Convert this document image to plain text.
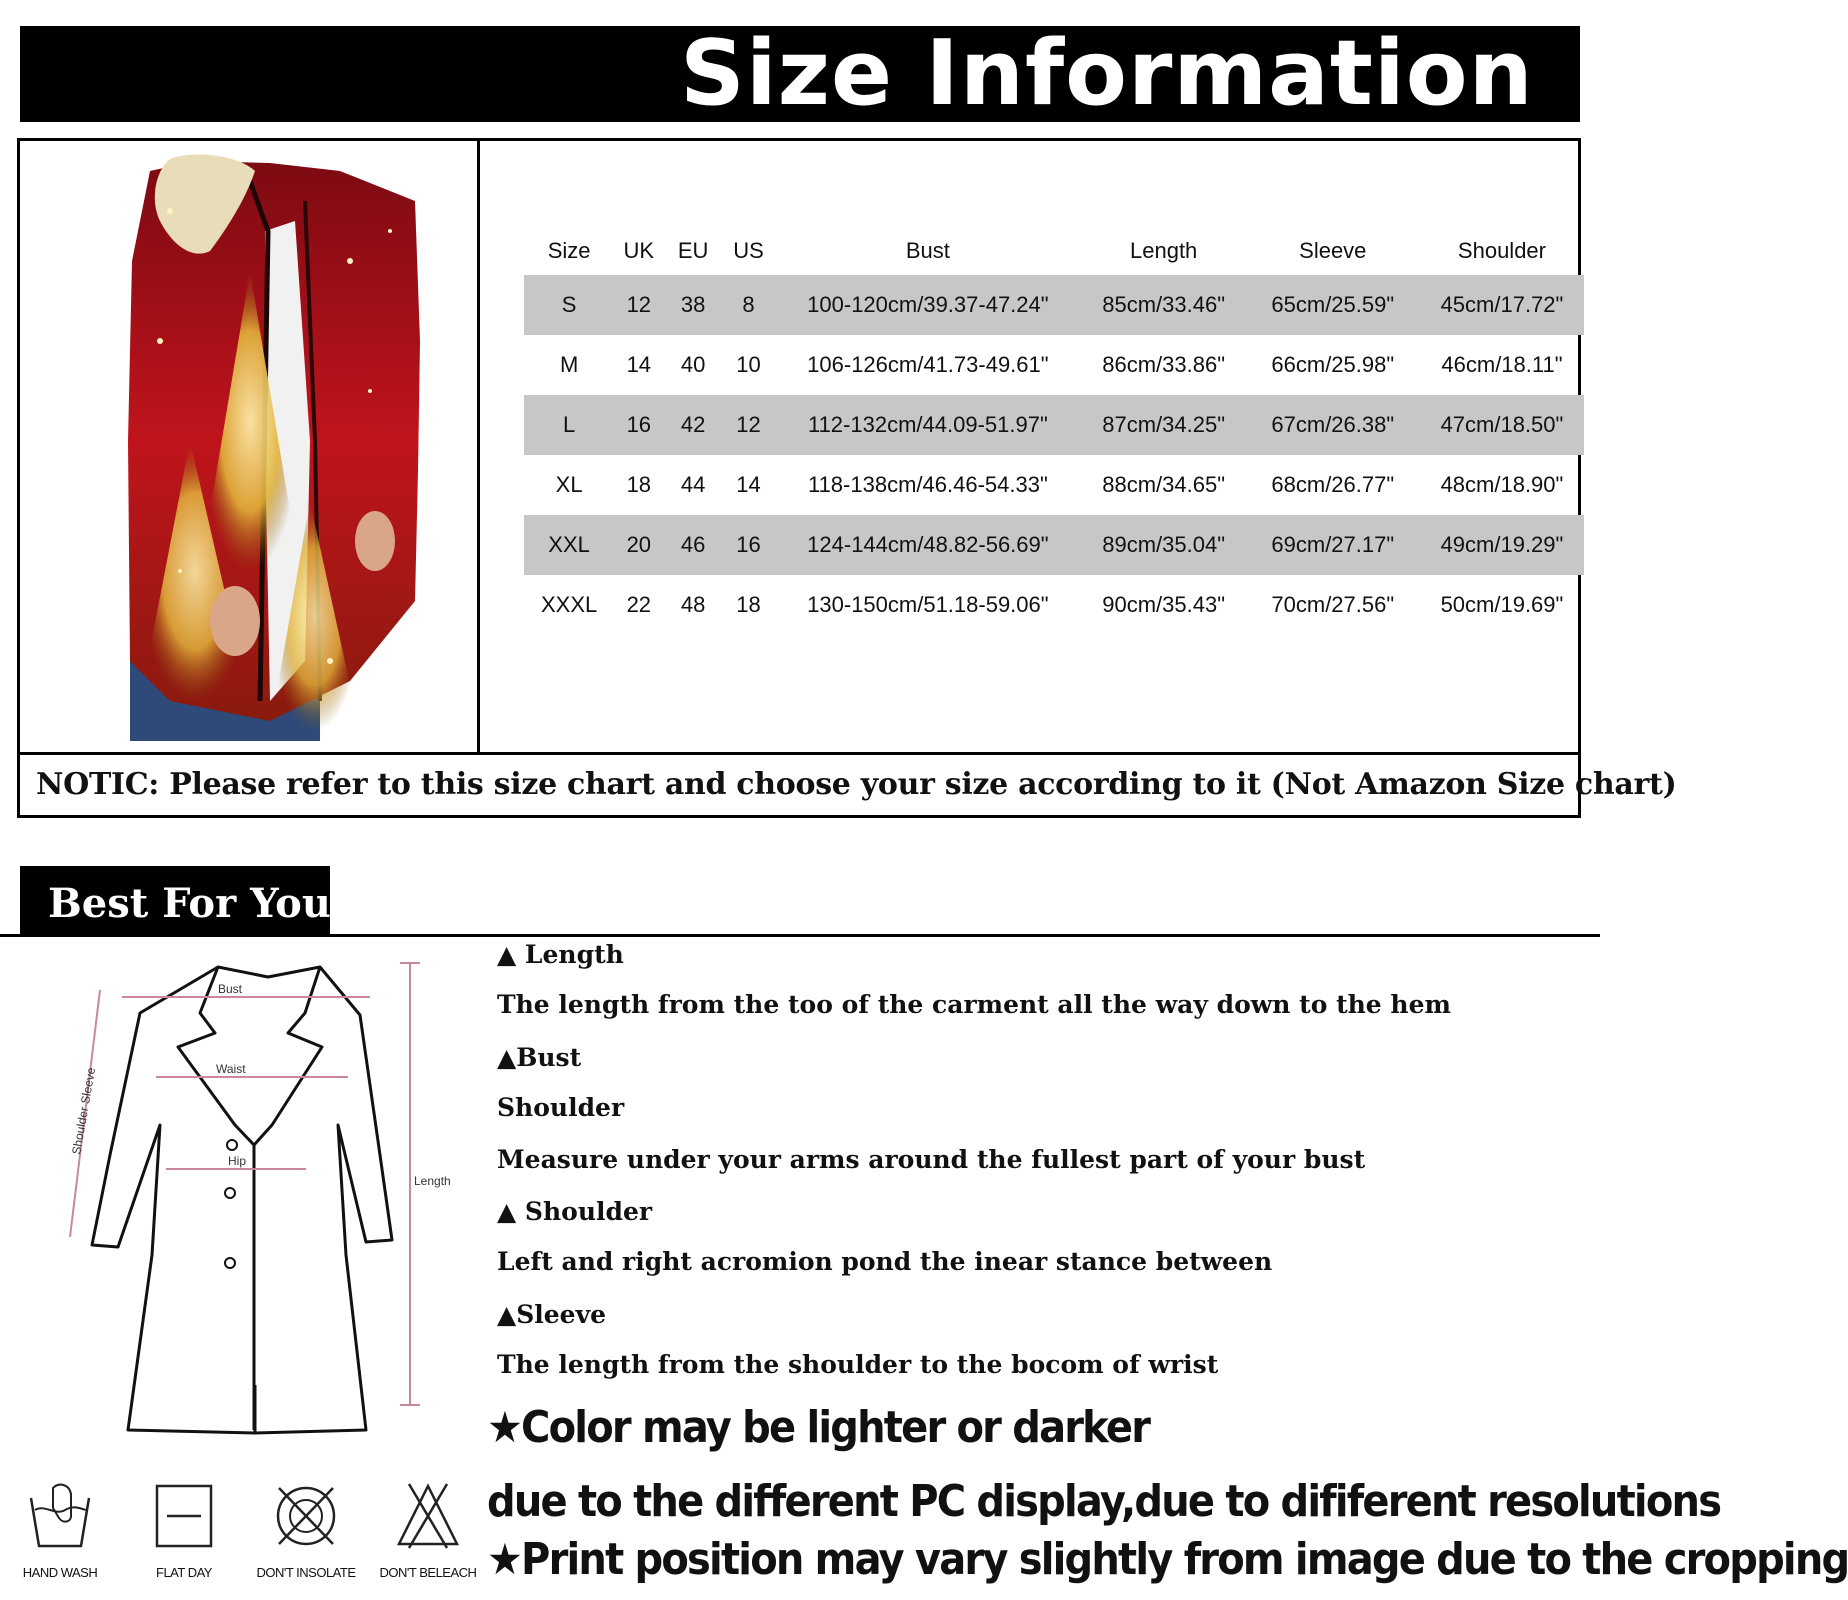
Size Information
Size	UK	EU	US	Bust	Length	Sleeve	Shoulder
S	12	38	8	100-120cm/39.37-47.24"	85cm/33.46"	65cm/25.59"	45cm/17.72"
M	14	40	10	106-126cm/41.73-49.61"	86cm/33.86"	66cm/25.98"	46cm/18.11"
L	16	42	12	112-132cm/44.09-51.97"	87cm/34.25"	67cm/26.38"	47cm/18.50"
XL	18	44	14	118-138cm/46.46-54.33"	88cm/34.65"	68cm/26.77"	48cm/18.90"
XXL	20	46	16	124-144cm/48.82-56.69"	89cm/35.04"	69cm/27.17"	49cm/19.29"
XXXL	22	48	18	130-150cm/51.18-59.06"	90cm/35.43"	70cm/27.56"	50cm/19.69"
NOTIC: Please refer to this size chart and choose your size according to it (Not Amazon Size chart)
Best For You
Bust
Waist
Hip
Length
Shoulder Sleeve
▲ Length
The length from the too of the carment all the way down to the hem
▲Bust
Shoulder
Measure under your arms around the fullest part of your bust
▲ Shoulder
Left and right acromion pond the inear stance between
▲Sleeve
The length from the shoulder to the bocom of wrist
★Color may be lighter or darker
due to the different PC display,due to dififerent resolutions
★Print position may vary slightly from image due to the cropping
HAND WASH	FLAT DAY	DON'T INSOLATE DON'T BELEACH
